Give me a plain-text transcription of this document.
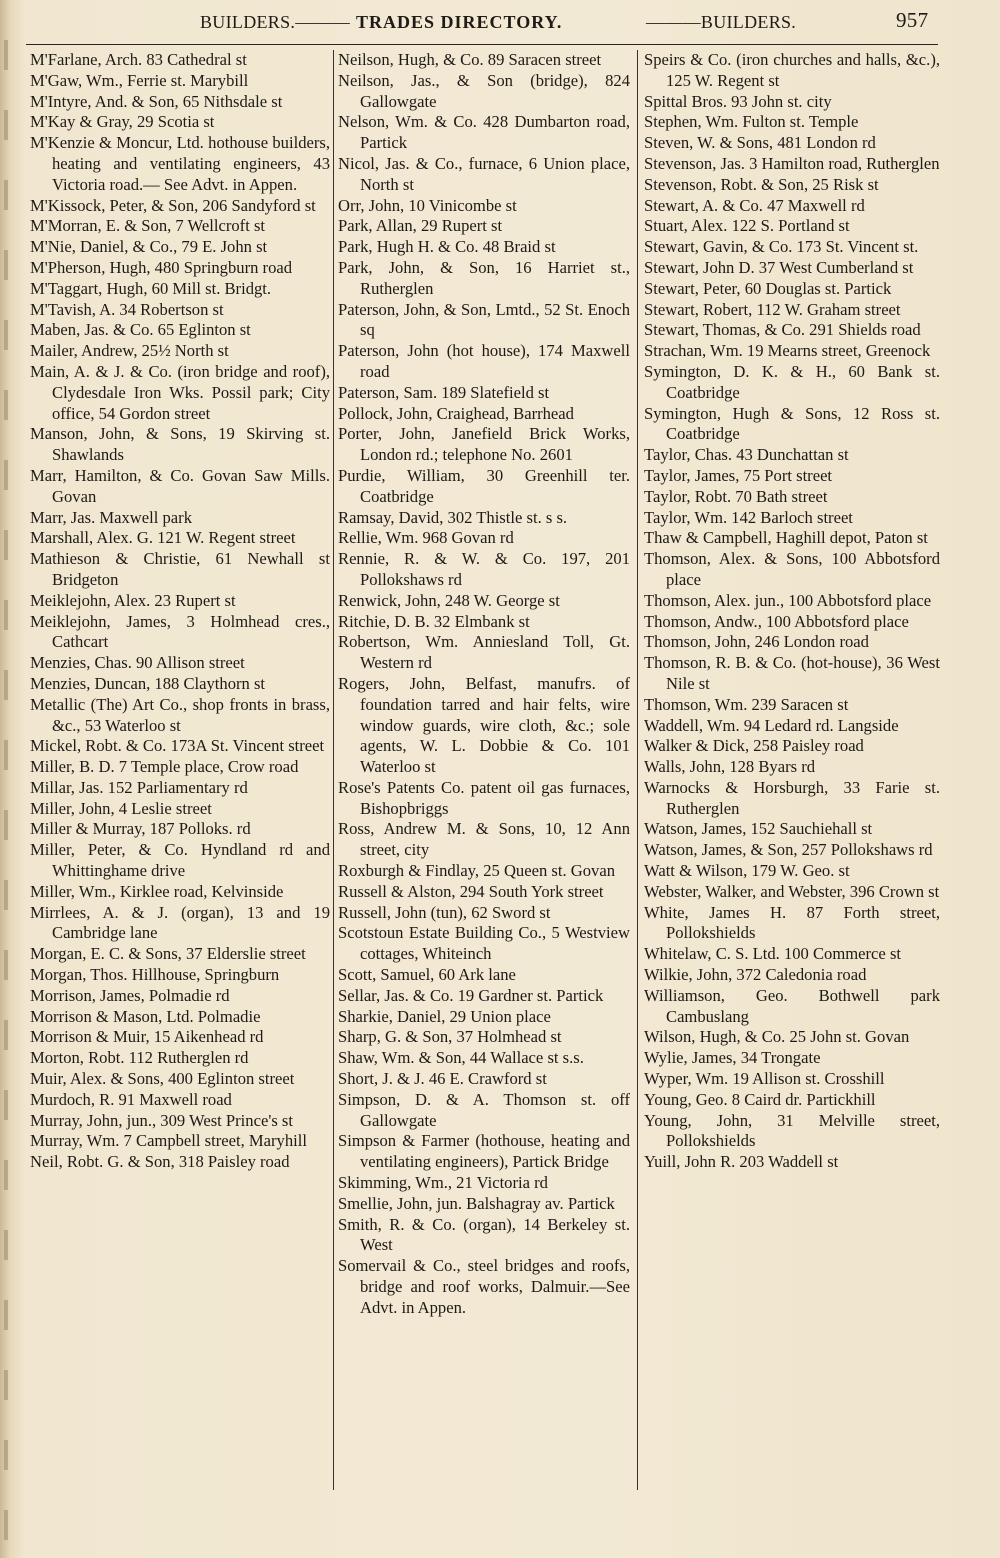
BUILDERS.——— TRADES DIRECTORY.	———BUILDERS.	957

M'Farlane, Arch. 83 Cathedral st

M'Gaw, Wm., Ferrie st. Marybill

M'Intyre, And. & Son, 65 Nithsdale st

M'Kay & Gray, 29 Scotia st

M'Kenzie & Moncur, Ltd. hothouse builders, heating and ventilating engineers, 43 Victoria road.— See Advt. in Appen.

M'Kissock, Peter, & Son, 206 Sandyford st

M'Morran, E. & Son, 7 Wellcroft st

M'Nie, Daniel, & Co., 79 E. John st

M'Pherson, Hugh, 480 Springburn road

M'Taggart, Hugh, 60 Mill st. Bridgt.

M'Tavish, A. 34 Robertson st

Maben, Jas. & Co. 65 Eglinton st

Mailer, Andrew, 25½ North st

Main, A. & J. & Co. (iron bridge and roof), Clydesdale Iron Wks. Possil park; City office, 54 Gordon street

Manson, John, & Sons, 19 Skirving st. Shawlands

Marr, Hamilton, & Co. Govan Saw Mills. Govan

Marr, Jas. Maxwell park

Marshall, Alex. G. 121 W. Regent street

Mathieson & Christie, 61 Newhall st Bridgeton

Meiklejohn, Alex. 23 Rupert st

Meiklejohn, James, 3 Holmhead cres., Cathcart

Menzies, Chas. 90 Allison street

Menzies, Duncan, 188 Claythorn st

Metallic (The) Art Co., shop fronts in brass, &c., 53 Waterloo st

Mickel, Robt. & Co. 173A St. Vincent street

Miller, B. D. 7 Temple place, Crow road

Millar, Jas. 152 Parliamentary rd

Miller, John, 4 Leslie street

Miller & Murray, 187 Polloks. rd

Miller, Peter, & Co. Hyndland rd and Whittinghame drive

Miller, Wm., Kirklee road, Kelvinside

Mirrlees, A. & J. (organ), 13 and 19 Cambridge lane

Morgan, E. C. & Sons, 37 Elderslie street

Morgan, Thos. Hillhouse, Springburn

Morrison, James, Polmadie rd

Morrison & Mason, Ltd. Polmadie

Morrison & Muir, 15 Aikenhead rd

Morton, Robt. 112 Rutherglen rd

Muir, Alex. & Sons, 400 Eglinton street

Murdoch, R. 91 Maxwell road

Murray, John, jun., 309 West Prince's st

Murray, Wm. 7 Campbell street, Maryhill

Neil, Robt. G. & Son, 318 Paisley road

Neilson, Hugh, & Co. 89 Saracen street

Neilson, Jas., & Son (bridge), 824 Gallowgate

Nelson, Wm. & Co. 428 Dumbarton road, Partick

Nicol, Jas. & Co., furnace, 6 Union place, North st

Orr, John, 10 Vinicombe st

Park, Allan, 29 Rupert st

Park, Hugh H. & Co. 48 Braid st

Park, John, & Son, 16 Harriet st., Rutherglen

Paterson, John, & Son, Lmtd., 52 St. Enoch sq

Paterson, John (hot house), 174 Maxwell road

Paterson, Sam. 189 Slatefield st

Pollock, John, Craighead, Barrhead

Porter, John, Janefield Brick Works, London rd.; telephone No. 2601

Purdie, William, 30 Greenhill ter. Coatbridge

Ramsay, David, 302 Thistle st. s s.

Rellie, Wm. 968 Govan rd

Rennie, R. & W. & Co. 197, 201 Pollokshaws rd

Renwick, John, 248 W. George st

Ritchie, D. B. 32 Elmbank st

Robertson, Wm. Anniesland Toll, Gt. Western rd

Rogers, John, Belfast, manufrs. of foundation tarred and hair felts, wire window guards, wire cloth, &c.; sole agents, W. L. Dobbie & Co. 101 Waterloo st

Rose's Patents Co. patent oil gas furnaces, Bishopbriggs

Ross, Andrew M. & Sons, 10, 12 Ann street, city

Roxburgh & Findlay, 25 Queen st. Govan

Russell & Alston, 294 South York street

Russell, John (tun), 62 Sword st

Scotstoun Estate Building Co., 5 Westview cottages, Whiteinch

Scott, Samuel, 60 Ark lane

Sellar, Jas. & Co. 19 Gardner st. Partick

Sharkie, Daniel, 29 Union place

Sharp, G. & Son, 37 Holmhead st

Shaw, Wm. & Son, 44 Wallace st s.s.

Short, J. & J. 46 E. Crawford st

Simpson, D. & A. Thomson st. off Gallowgate

Simpson & Farmer (hothouse, heating and ventilating engineers), Partick Bridge

Skimming, Wm., 21 Victoria rd

Smellie, John, jun. Balshagray av. Partick

Smith, R. & Co. (organ), 14 Berkeley st. West

Somervail & Co., steel bridges and roofs, bridge and roof works, Dalmuir.—See Advt. in Appen.

Speirs & Co. (iron churches and halls, &c.), 125 W. Regent st

Spittal Bros. 93 John st. city

Stephen, Wm. Fulton st. Temple

Steven, W. & Sons, 481 London rd

Stevenson, Jas. 3 Hamilton road, Rutherglen

Stevenson, Robt. & Son, 25 Risk st

Stewart, A. & Co. 47 Maxwell rd

Stuart, Alex. 122 S. Portland st

Stewart, Gavin, & Co. 173 St. Vincent st.

Stewart, John D. 37 West Cumberland st

Stewart, Peter, 60 Douglas st. Partick

Stewart, Robert, 112 W. Graham street

Stewart, Thomas, & Co. 291 Shields road

Strachan, Wm. 19 Mearns street, Greenock

Symington, D. K. & H., 60 Bank st. Coatbridge

Symington, Hugh & Sons, 12 Ross st. Coatbridge

Taylor, Chas. 43 Dunchattan st

Taylor, James, 75 Port street

Taylor, Robt. 70 Bath street

Taylor, Wm. 142 Barloch street

Thaw & Campbell, Haghill depot, Paton st

Thomson, Alex. & Sons, 100 Abbotsford place

Thomson, Alex. jun., 100 Abbotsford place

Thomson, Andw., 100 Abbotsford place

Thomson, John, 246 London road

Thomson, R. B. & Co. (hot-house), 36 West Nile st

Thomson, Wm. 239 Saracen st

Waddell, Wm. 94 Ledard rd. Langside

Walker & Dick, 258 Paisley road

Walls, John, 128 Byars rd

Warnocks & Horsburgh, 33 Farie st. Rutherglen

Watson, James, 152 Sauchiehall st

Watson, James, & Son, 257 Pollokshaws rd

Watt & Wilson, 179 W. Geo. st

Webster, Walker, and Webster, 396 Crown st

White, James H. 87 Forth street, Pollokshields

Whitelaw, C. S. Ltd. 100 Commerce st

Wilkie, John, 372 Caledonia road

Williamson, Geo. Bothwell park Cambuslang

Wilson, Hugh, & Co. 25 John st. Govan

Wylie, James, 34 Trongate

Wyper, Wm. 19 Allison st. Crosshill

Young, Geo. 8 Caird dr. Partickhill

Young, John, 31 Melville street, Pollokshields

Yuill, John R. 203 Waddell st
